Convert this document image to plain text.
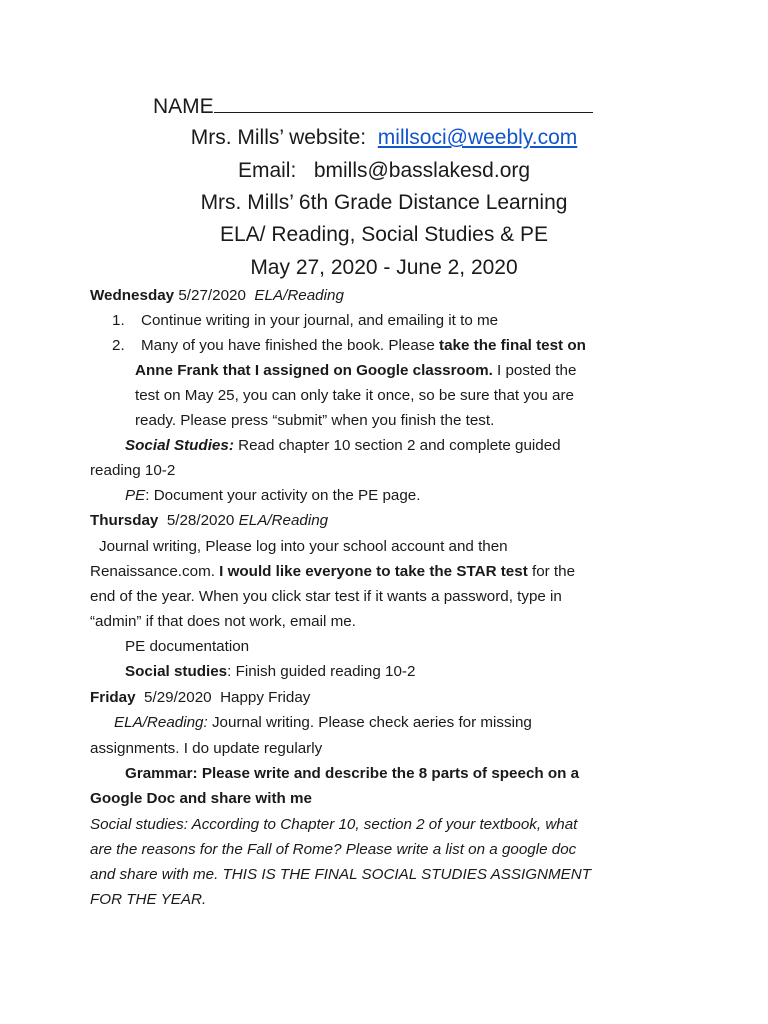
NAME
Mrs. Mills’ website: millsoci@weebly.com
Email: bmills@basslakesd.org
Mrs. Mills’ 6th Grade Distance Learning
ELA/ Reading, Social Studies & PE
May 27, 2020 - June 2, 2020
Wednesday 5/27/2020 ELA/Reading
1. Continue writing in your journal, and emailing it to me
2. Many of you have finished the book. Please take the final test on
Anne Frank that I assigned on Google classroom. I posted the
test on May 25, you can only take it once, so be sure that you are
ready. Please press “submit” when you finish the test.
Social Studies: Read chapter 10 section 2 and complete guided
reading 10-2
PE: Document your activity on the PE page.
Thursday 5/28/2020 ELA/Reading
Journal writing, Please log into your school account and then
Renaissance.com. I would like everyone to take the STAR test for the
end of the year. When you click star test if it wants a password, type in
“admin” if that does not work, email me.
PE documentation
Social studies: Finish guided reading 10-2
Friday 5/29/2020 Happy Friday
ELA/Reading: Journal writing. Please check aeries for missing
assignments. I do update regularly
Grammar: Please write and describe the 8 parts of speech on a
Google Doc and share with me
Social studies: According to Chapter 10, section 2 of your textbook, what
are the reasons for the Fall of Rome? Please write a list on a google doc
and share with me. THIS IS THE FINAL SOCIAL STUDIES ASSIGNMENT
FOR THE YEAR.
